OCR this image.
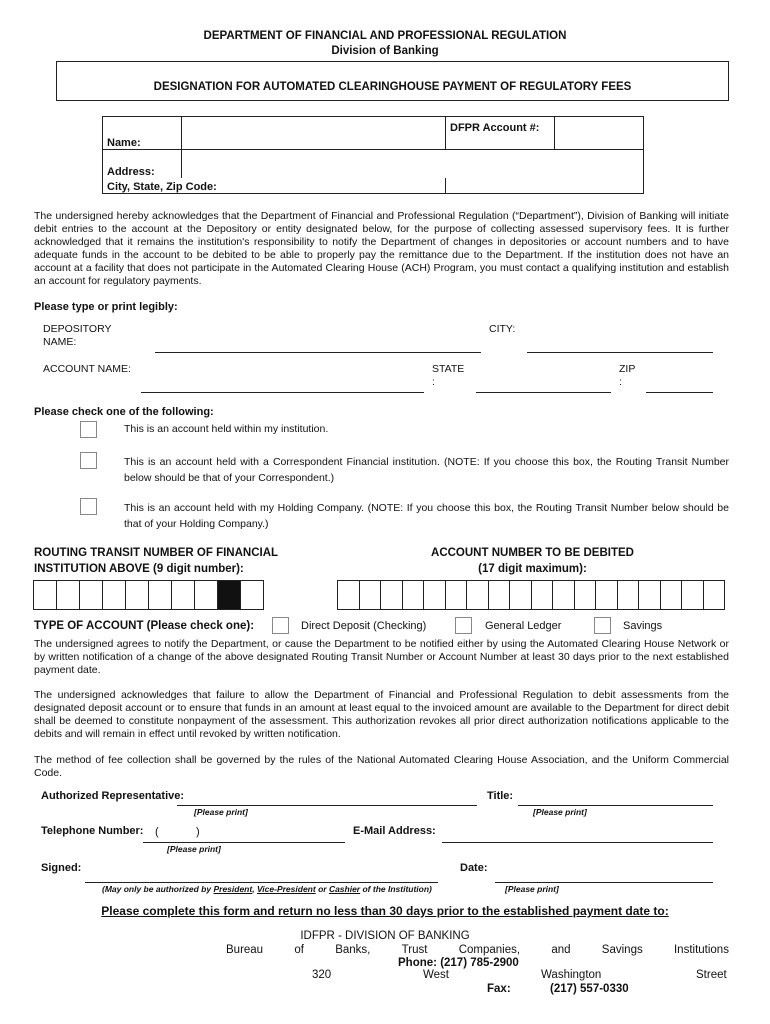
DEPARTMENT OF FINANCIAL AND PROFESSIONAL REGULATION
Division of Banking
DESIGNATION FOR AUTOMATED CLEARINGHOUSE PAYMENT OF REGULATORY FEES
Name:		DFPR Account #:	
Address:			
City, State, Zip Code:			
The undersigned hereby acknowledges that the Department of Financial and Professional Regulation (“Department”), Division of Banking will initiate debit entries to the account at the Depository or entity designated below, for the purpose of collecting assessed supervisory fees. It is further acknowledged that it remains the institution's responsibility to notify the Department of changes in depositories or account numbers and to have adequate funds in the account to be debited to be able to properly pay the remittance due to the Department. If the institution does not have an account at a facility that does not participate in the Automated Clearing House (ACH) Program, you must contact a qualifying institution and establish an account for regulatory payments.
Please type or print legibly:
DEPOSITORY
NAME:
CITY:
ACCOUNT NAME:	STATE
:
ZIP
:
Please check one of the following:
This is an account held within my institution.
This is an account held with a Correspondent Financial institution. (NOTE: If you choose this box, the Routing Transit Number below should be that of your Correspondent.)
This is an account held with my Holding Company. (NOTE: If you choose this box, the Routing Transit Number below should be that of your Holding Company.)
ROUTING TRANSIT NUMBER OF FINANCIAL
INSTITUTION ABOVE (9 digit number):
ACCOUNT NUMBER TO BE DEBITED
(17 digit maximum):
TYPE OF ACCOUNT (Please check one):	Direct Deposit (Checking)	General Ledger	Savings
The undersigned agrees to notify the Department, or cause the Department to be notified either by using the Automated Clearing House Network or by written notification of a change of the above designated Routing Transit Number or Account Number at least 30 days prior to the next established payment date.
The undersigned acknowledges that failure to allow the Department of Financial and Professional Regulation to debit assessments from the designated deposit account or to ensure that funds in an amount at least equal to the invoiced amount are available to the Department for direct debit shall be deemed to constitute nonpayment of the assessment. This authorization revokes all prior direct authorization notifications applicable to the debits and will remain in effect until revoked by written notification.
The method of fee collection shall be governed by the rules of the National Automated Clearing House Association, and the Uniform Commercial Code.
Authorized Representative:
[Please print]
Title:
[Please print]
Telephone Number: (	)
[Please print]
E-Mail Address:
Signed:
(May only be authorized by President, Vice-President or Cashier of the Institution)
Date:
[Please print]
Please complete this form and return no less than 30 days prior to the established payment date to:
IDFPR - DIVISION OF BANKING
Bureau	of	Banks,	Trust	Companies,	and	Savings	Institutions
Phone: (217) 785-2900
320	West	Washington	Street
Fax:	(217) 557-0330
